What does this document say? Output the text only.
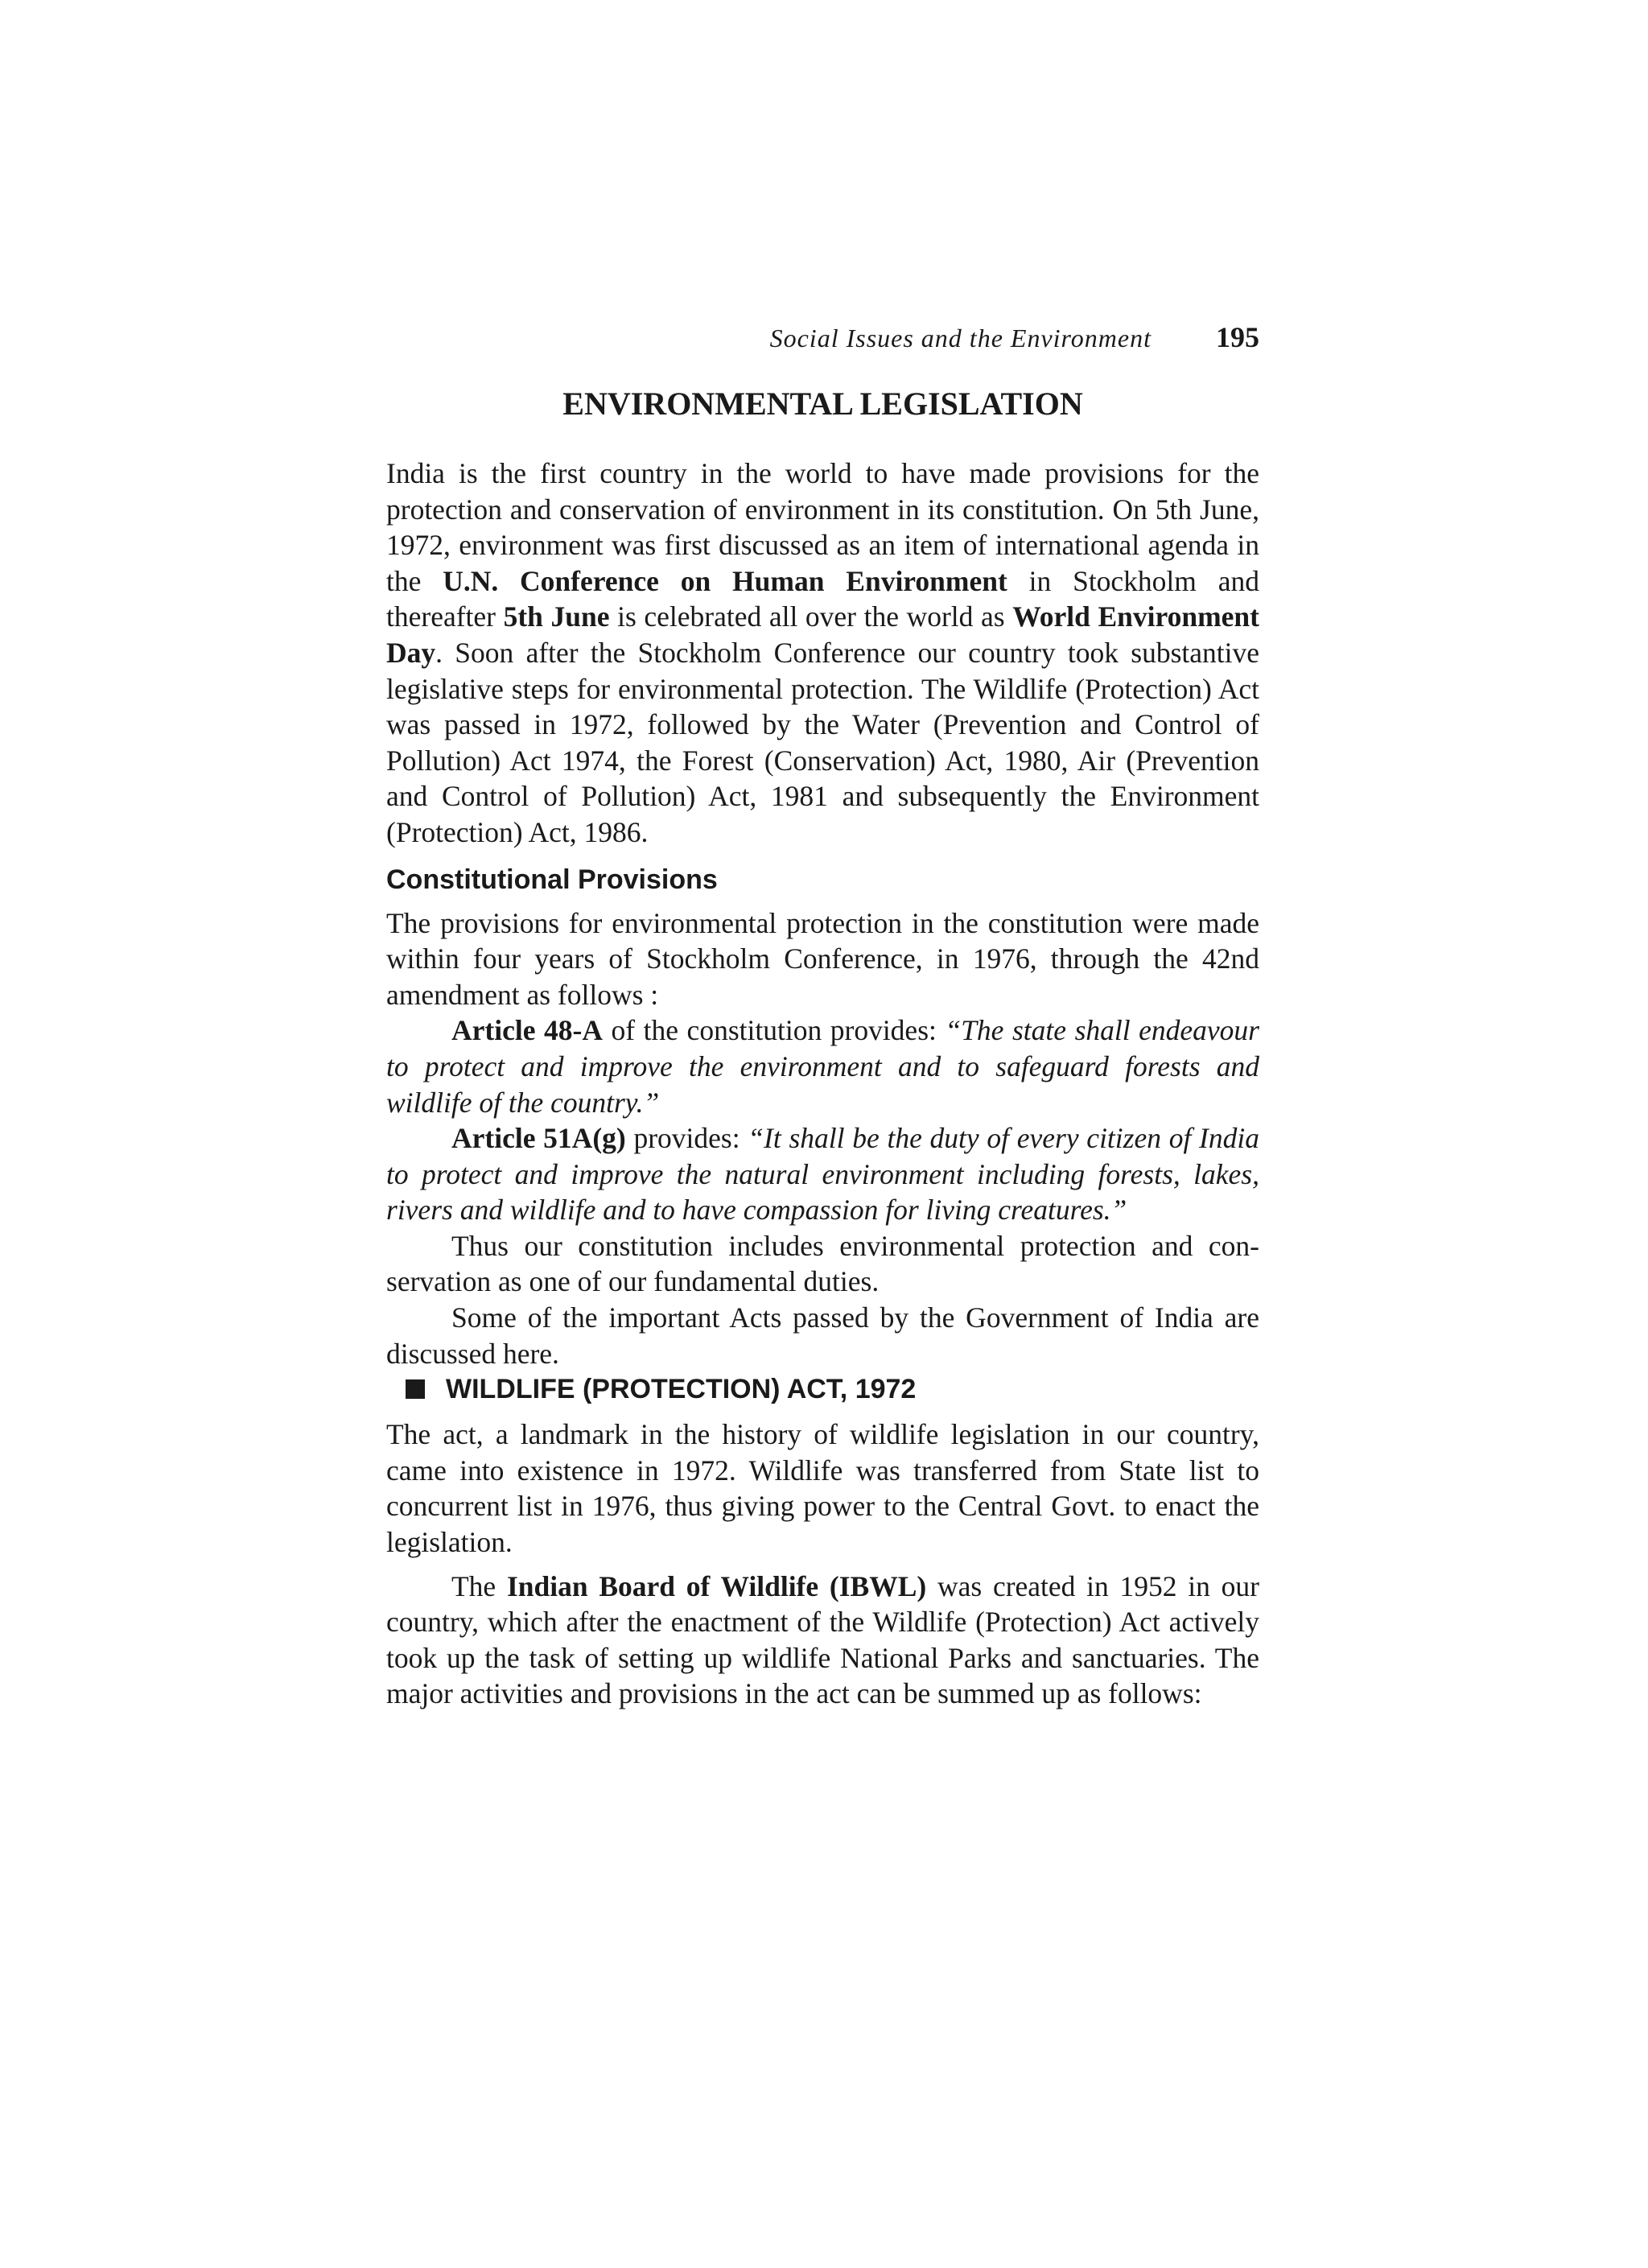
Social Issues and the Environment 195
ENVIRONMENTAL LEGISLATION

India is the first country in the world to have made provisions for the protection and conservation of environment in its constitution. On 5th June, 1972, environment was first discussed as an item of international agenda in the U.N. Conference on Human Environment in Stockholm and thereafter 5th June is celebrated all over the world as World Environment Day. Soon after the Stockholm Conference our country took substantive legislative steps for environmental protection. The Wildlife (Protection) Act was passed in 1972, followed by the Water (Prevention and Control of Pollution) Act 1974, the Forest (Conservation) Act, 1980, Air (Prevention and Control of Pollution) Act, 1981 and subsequently the Environment (Protection) Act, 1986.

Constitutional Provisions

The provisions for environmental protection in the constitution were made within four years of Stockholm Conference, in 1976, through the 42nd amendment as follows :

Article 48-A of the constitution provides: “The state shall endeavour to protect and improve the environment and to safeguard forests and wildlife of the country.”

Article 51A(g) provides: “It shall be the duty of every citizen of India to protect and improve the natural environment including forests, lakes, rivers and wildlife and to have compassion for living creatures.”

Thus our constitution includes environmental protection and conservation as one of our fundamental duties.

Some of the important Acts passed by the Government of India are discussed here.

WILDLIFE (PROTECTION) ACT, 1972

The act, a landmark in the history of wildlife legislation in our country, came into existence in 1972. Wildlife was transferred from State list to concurrent list in 1976, thus giving power to the Central Govt. to enact the legislation.

The Indian Board of Wildlife (IBWL) was created in 1952 in our country, which after the enactment of the Wildlife (Protection) Act actively took up the task of setting up wildlife National Parks and sanctuaries. The major activities and provisions in the act can be summed up as follows:
